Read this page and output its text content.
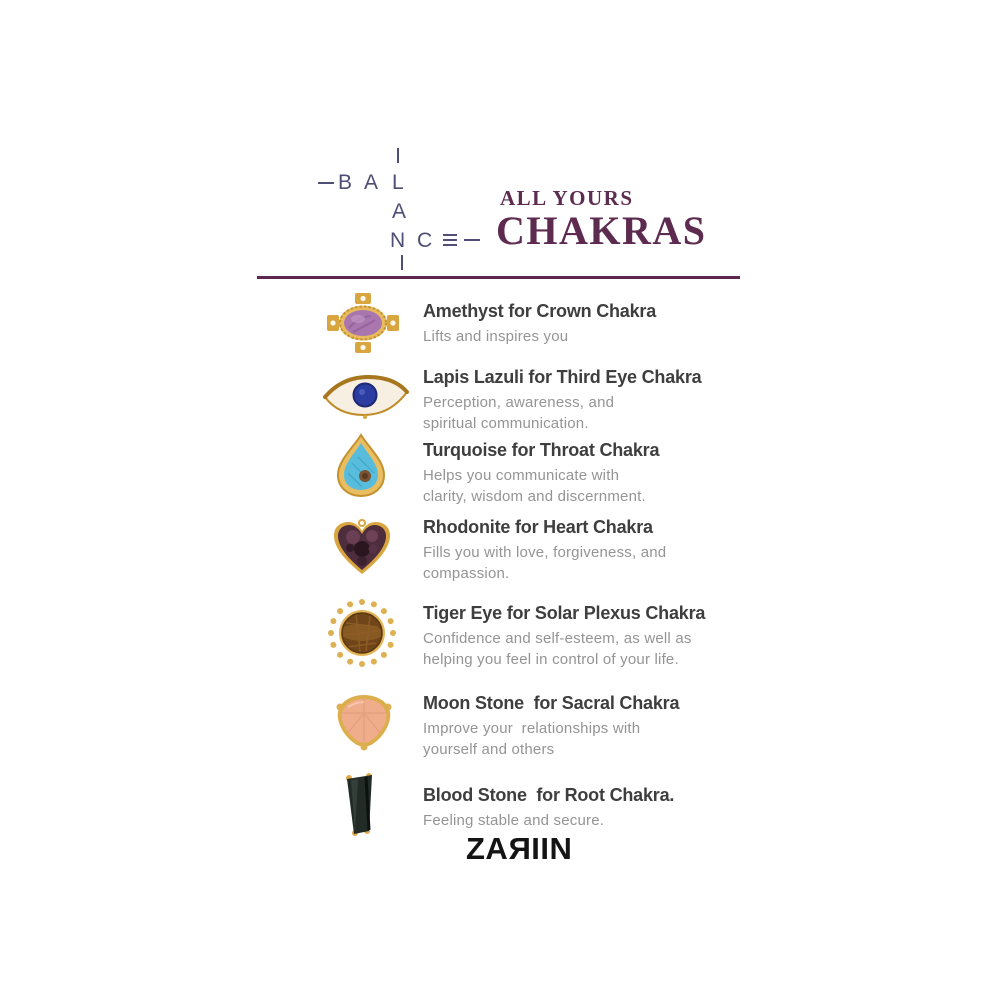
B A L
A
N C
ALL YOURS
CHAKRAS
Amethyst for Crown Chakra
Lifts and inspires you
Lapis Lazuli for Third Eye Chakra
Perception, awareness, and
spiritual communication.
Turquoise for Throat Chakra
Helps you communicate with
clarity, wisdom and discernment.
Rhodonite for Heart Chakra
Fills you with love, forgiveness, and
compassion.
Tiger Eye for Solar Plexus Chakra
Confidence and self-esteem, as well as
helping you feel in control of your life.
Moon Stone  for Sacral Chakra
Improve your  relationships with
yourself and others
Blood Stone  for Root Chakra.
Feeling stable and secure.
ZARIIN
